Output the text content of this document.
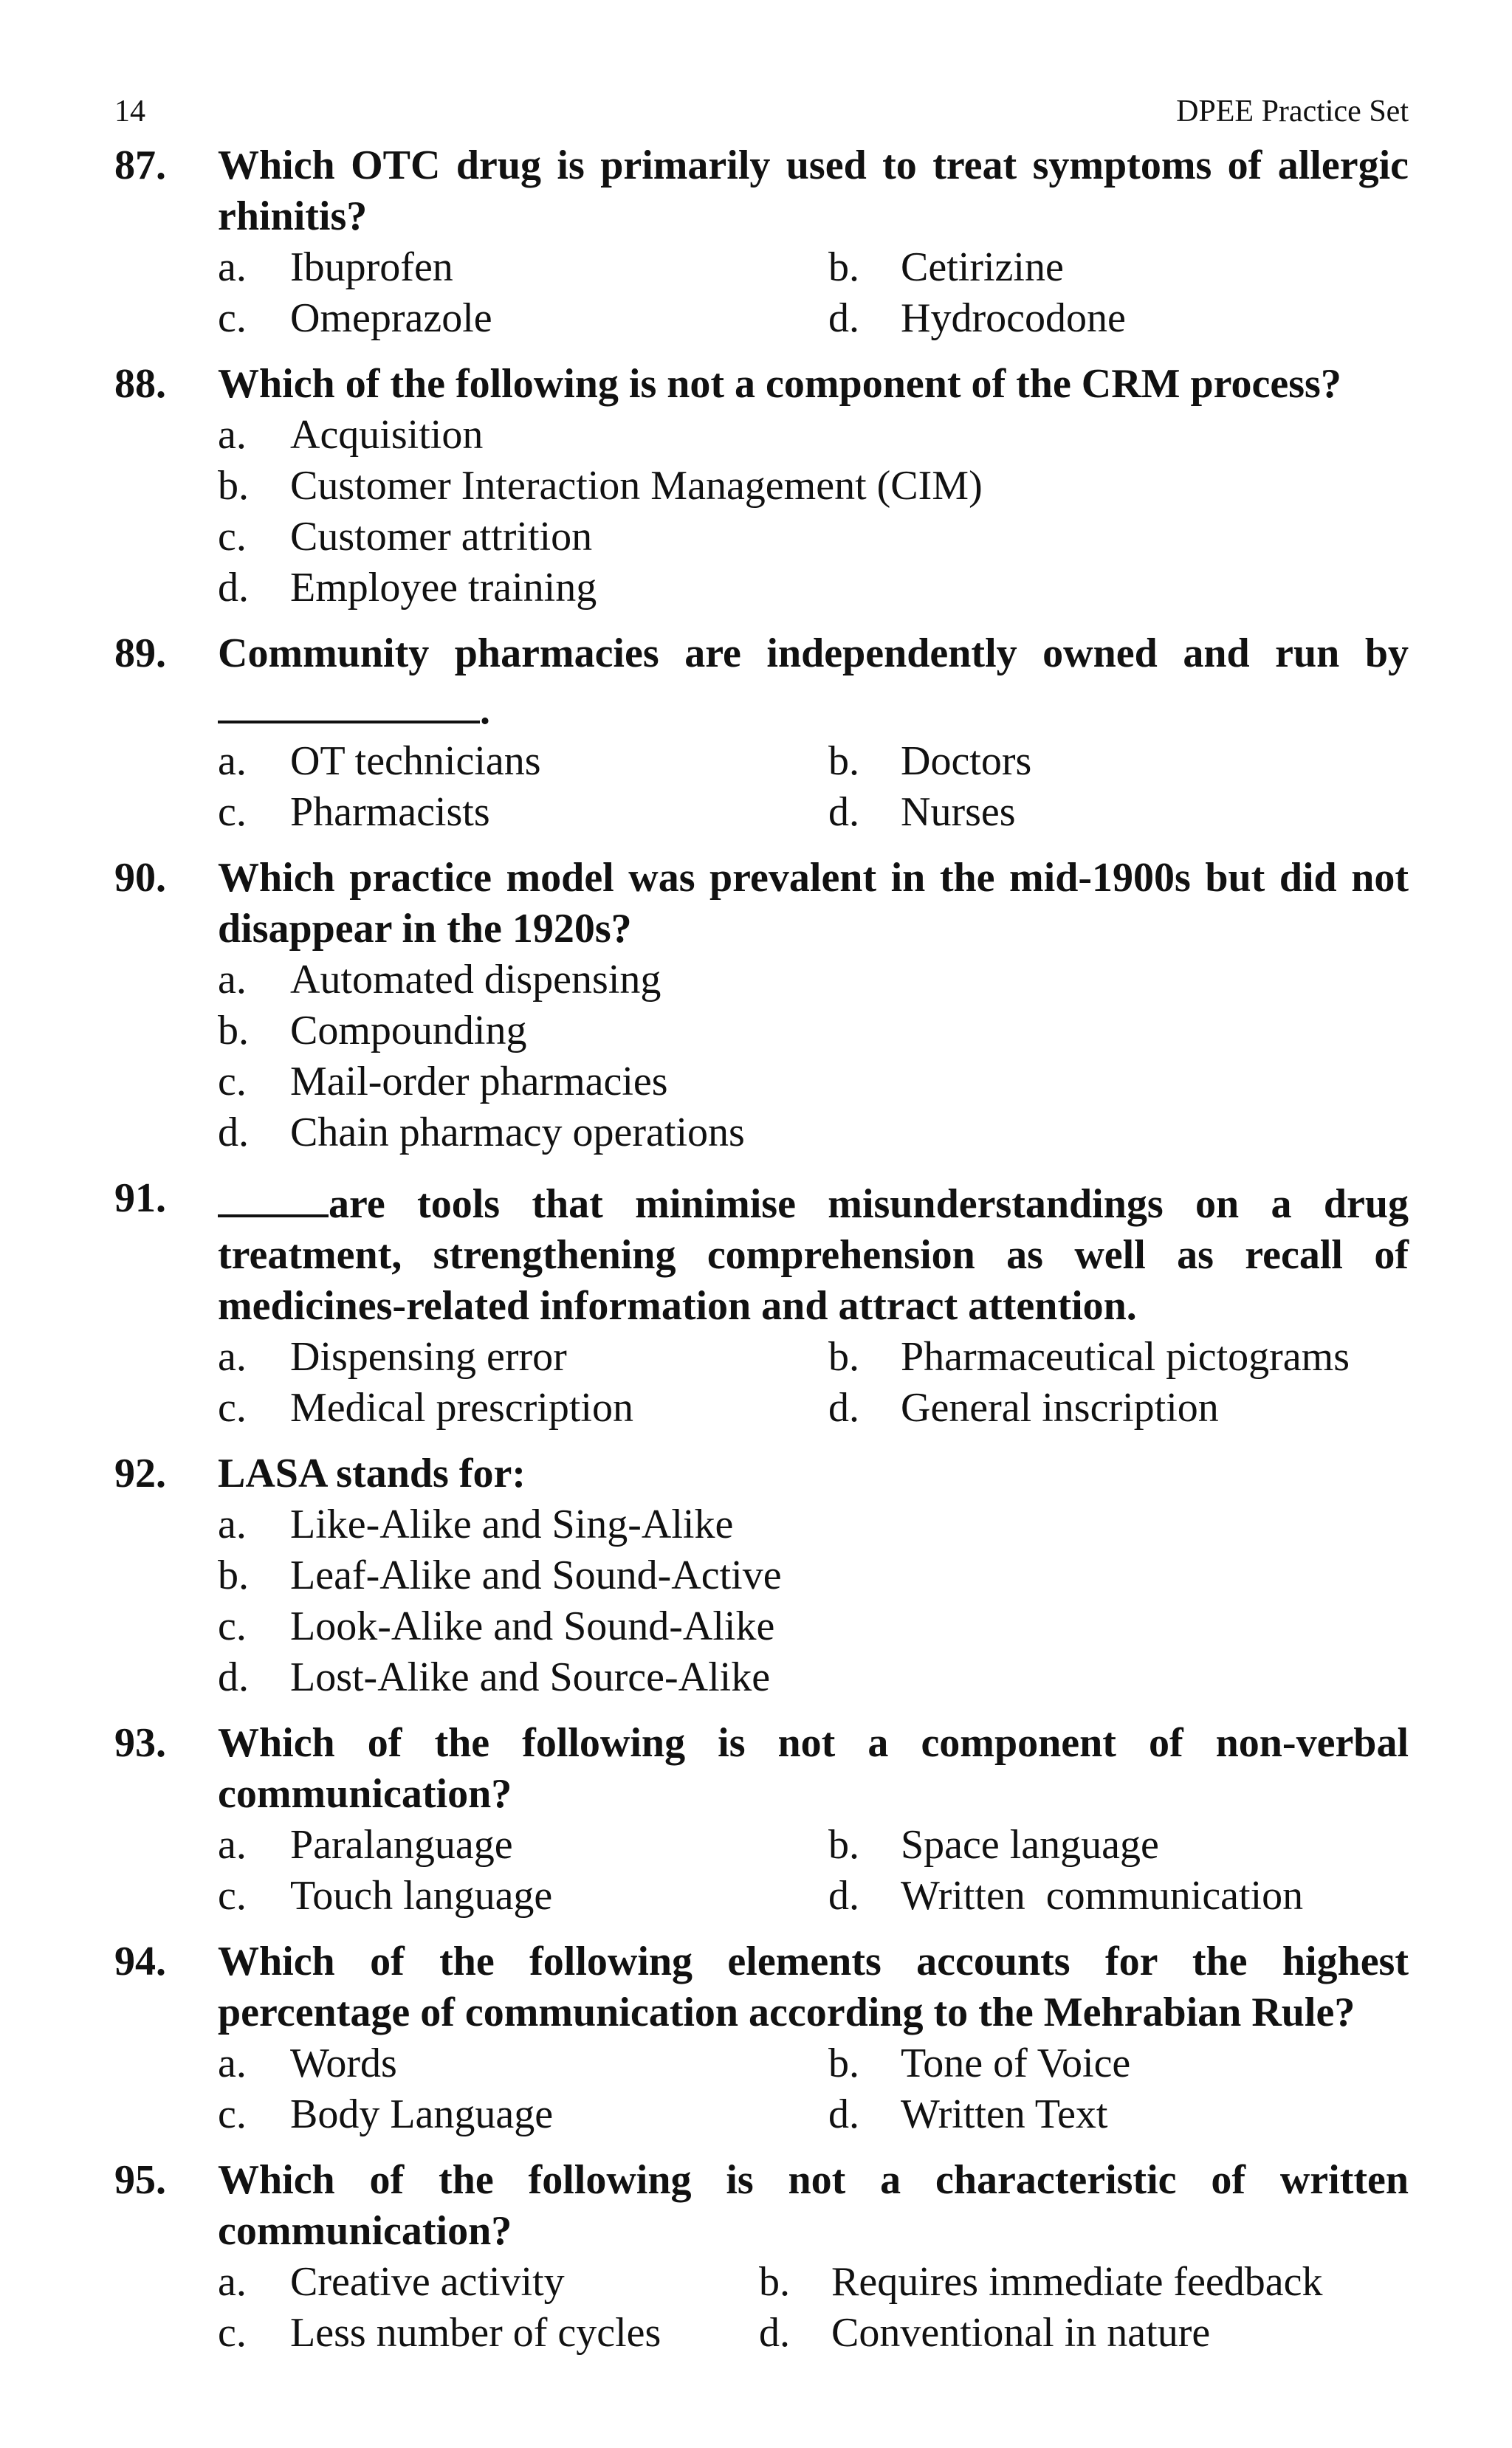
14	DPEE Practice Set
87.	Which OTC drug is primarily used to treat symptoms of allergic rhinitis?
a.	Ibuprofen	b.	Cetirizine
c.	Omeprazole	d.	Hydrocodone
88.	Which of the following is not a component of the CRM process?
a.	Acquisition
b.	Customer Interaction Management (CIM)
c.	Customer attrition
d.	Employee training
89.	Community pharmacies are independently owned and run by .
a.	OT technicians	b.	Doctors
c.	Pharmacists	d.	Nurses
90.	Which practice model was prevalent in the mid-1900s but did not disappear in the 1920s?
a.	Automated dispensing
b.	Compounding
c.	Mail-order pharmacies
d.	Chain pharmacy operations
91.	are tools that minimise misunderstandings on a drug treatment, strengthening comprehension as well as recall of medicines-related information and attract attention.
a.	Dispensing error	b.	Pharmaceutical pictograms
c.	Medical prescription	d.	General inscription
92.	LASA stands for:
a.	Like-Alike and Sing-Alike
b.	Leaf-Alike and Sound-Active
c.	Look-Alike and Sound-Alike
d.	Lost-Alike and Source-Alike
93.	Which of the following is not a component of non-verbal communication?
a.	Paralanguage	b.	Space language
c.	Touch language	d.	Written  communication
94.	Which of the following elements accounts for the highest percentage of communication according to the Mehrabian Rule?
a.	Words	b.	Tone of Voice
c.	Body Language	d.	Written Text
95.	Which of the following is not a characteristic of written communication?
a.	Creative activity	b.	Requires immediate feedback
c.	Less number of cycles	d.	Conventional in nature
